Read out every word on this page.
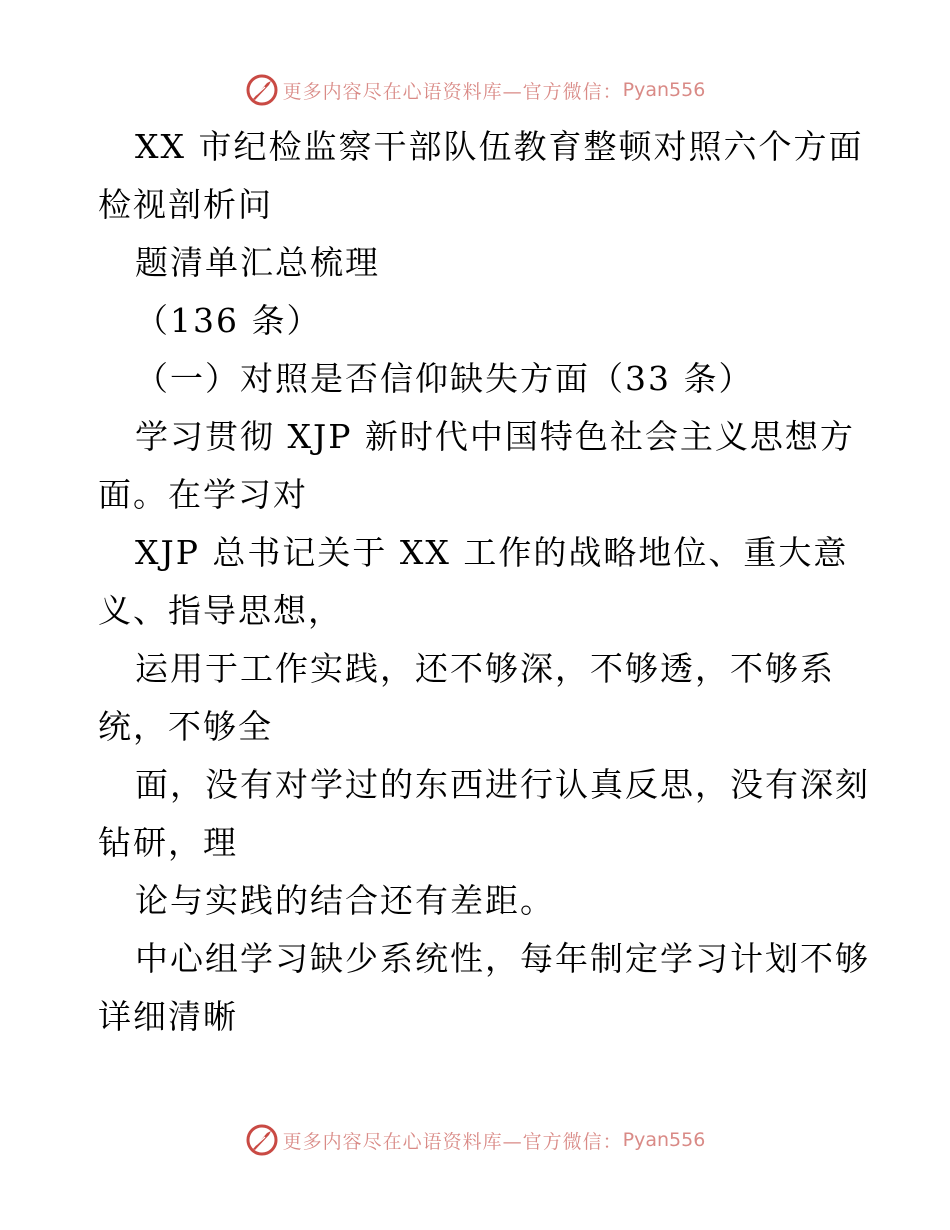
更多内容尽在心语资料库—官方微信： Pyan556
XX 市纪检监察干部队伍教育整顿对照六个方面
检视剖析问
题清单汇总梳理
（136 条）
（一）对照是否信仰缺失方面（33 条）
学习贯彻 XJP 新时代中国特色社会主义思想方
面。在学习对
XJP 总书记关于 XX 工作的战略地位、重大意
义、指导思想，
运用于工作实践，还不够深，不够透，不够系
统，不够全
面，没有对学过的东西进行认真反思，没有深刻
钻研，理
论与实践的结合还有差距。
中心组学习缺少系统性，每年制定学习计划不够
详细清晰
更多内容尽在心语资料库—官方微信： Pyan556
